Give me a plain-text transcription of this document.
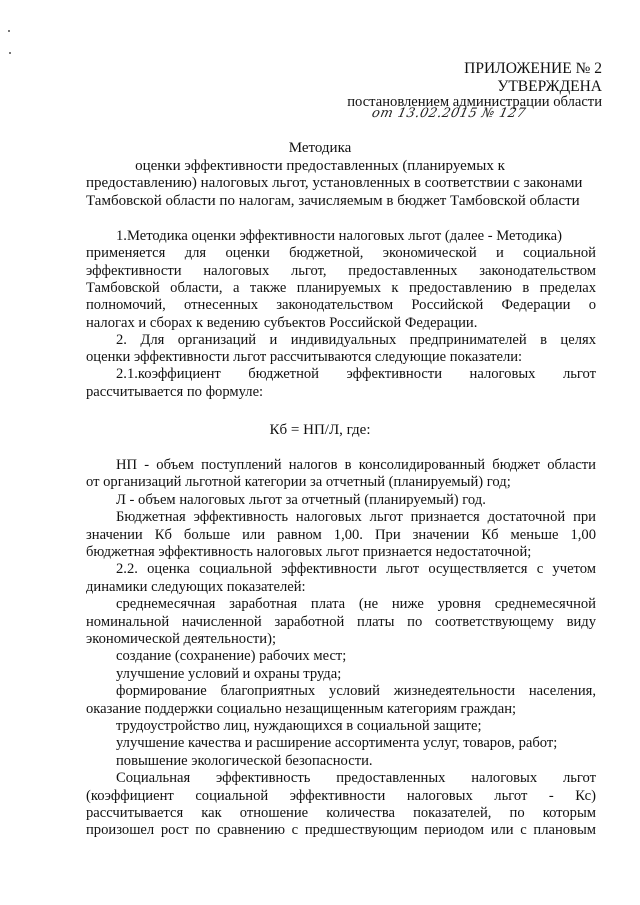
ПРИЛОЖЕНИЕ № 2
УТВЕРЖДЕНА
постановлением администрации области
от 13.02.2015 № 127
Методика
оценки эффективности предоставленных (планируемых к
предоставлению) налоговых льгот, установленных в соответствии с законами
Тамбовской области по налогам, зачисляемым в бюджет Тамбовской области
1.Методика оценки эффективности налоговых льгот (далее - Методика)
применяется для оценки бюджетной, экономической и социальной
эффективности налоговых льгот, предоставленных законодательством
Тамбовской области, а также планируемых к предоставлению в пределах
полномочий, отнесенных законодательством Российской Федерации о
налогах и сборах к ведению субъектов Российской Федерации.
2. Для организаций и индивидуальных предпринимателей в целях
оценки эффективности льгот рассчитываются следующие показатели:
2.1.коэффициент бюджетной эффективности налоговых льгот
рассчитывается по формуле:
Кб = НП/Л, где:
НП - объем поступлений налогов в консолидированный бюджет области
от организаций льготной категории за отчетный (планируемый) год;
Л - объем налоговых льгот за отчетный (планируемый) год.
Бюджетная эффективность налоговых льгот признается достаточной при
значении Кб больше или равном 1,00. При значении Кб меньше 1,00
бюджетная эффективность налоговых льгот признается недостаточной;
2.2. оценка социальной эффективности льгот осуществляется с учетом
динамики следующих показателей:
среднемесячная заработная плата (не ниже уровня среднемесячной
номинальной начисленной заработной платы по соответствующему виду
экономической деятельности);
создание (сохранение) рабочих мест;
улучшение условий и охраны труда;
формирование благоприятных условий жизнедеятельности населения,
оказание поддержки социально незащищенным категориям граждан;
трудоустройство лиц, нуждающихся в социальной защите;
улучшение качества и расширение ассортимента услуг, товаров, работ;
повышение экологической безопасности.
Социальная эффективность предоставленных налоговых льгот
(коэффициент социальной эффективности налоговых льгот - Кс)
рассчитывается как отношение количества показателей, по которым
произошел рост по сравнению с предшествующим периодом или с плановым
